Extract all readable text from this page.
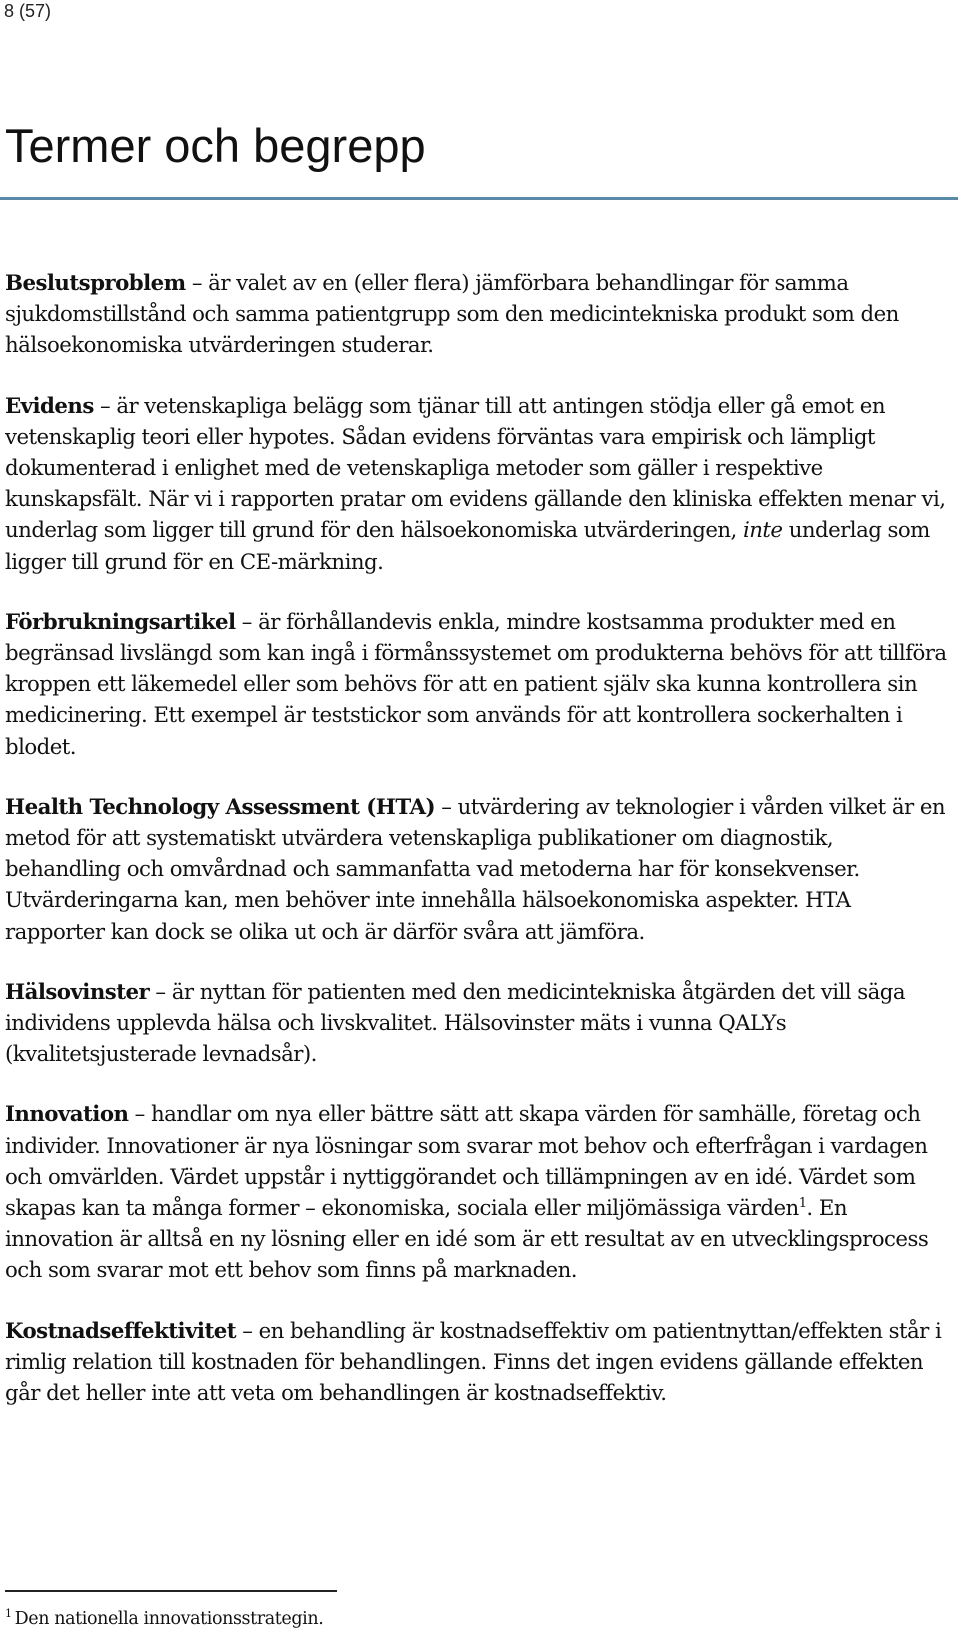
8 (57)
Termer och begrepp

Beslutsproblem – är valet av en (eller flera) jämförbara behandlingar för samma sjukdomstillstånd och samma patientgrupp som den medicintekniska produkt som den hälsoekonomiska utvärderingen studerar.

Evidens – är vetenskapliga belägg som tjänar till att antingen stödja eller gå emot en vetenskaplig teori eller hypotes. Sådan evidens förväntas vara empirisk och lämpligt dokumenterad i enlighet med de vetenskapliga metoder som gäller i respektive kunskapsfält. När vi i rapporten pratar om evidens gällande den kliniska effekten menar vi, underlag som ligger till grund för den hälsoekonomiska utvärderingen, inte underlag som ligger till grund för en CE-märkning.

Förbrukningsartikel – är förhållandevis enkla, mindre kostsamma produkter med en begränsad livslängd som kan ingå i förmånssystemet om produkterna behövs för att tillföra kroppen ett läkemedel eller som behövs för att en patient själv ska kunna kontrollera sin medicinering. Ett exempel är teststickor som används för att kontrollera sockerhalten i blodet.

Health Technology Assessment (HTA) – utvärdering av teknologier i vården vilket är en metod för att systematiskt utvärdera vetenskapliga publikationer om diagnostik, behandling och omvårdnad och sammanfatta vad metoderna har för konsekvenser. Utvärderingarna kan, men behöver inte innehålla hälsoekonomiska aspekter. HTA rapporter kan dock se olika ut och är därför svåra att jämföra.

Hälsovinster – är nyttan för patienten med den medicintekniska åtgärden det vill säga individens upplevda hälsa och livskvalitet. Hälsovinster mäts i vunna QALYs (kvalitetsjusterade levnadsår).

Innovation – handlar om nya eller bättre sätt att skapa värden för samhälle, företag och individer. Innovationer är nya lösningar som svarar mot behov och efterfrågan i vardagen och omvärlden. Värdet uppstår i nyttiggörandet och tillämpningen av en idé. Värdet som skapas kan ta många former – ekonomiska, sociala eller miljömässiga värden$^1$. En innovation är alltså en ny lösning eller en idé som är ett resultat av en utvecklingsprocess och som svarar mot ett behov som finns på marknaden.

Kostnadseffektivitet – en behandling är kostnadseffektiv om patientnyttan/effekten står i rimlig relation till kostnaden för behandlingen. Finns det ingen evidens gällande effekten går det heller inte att veta om behandlingen är kostnadseffektiv.

$^1$ Den nationella innovationsstrategin.
